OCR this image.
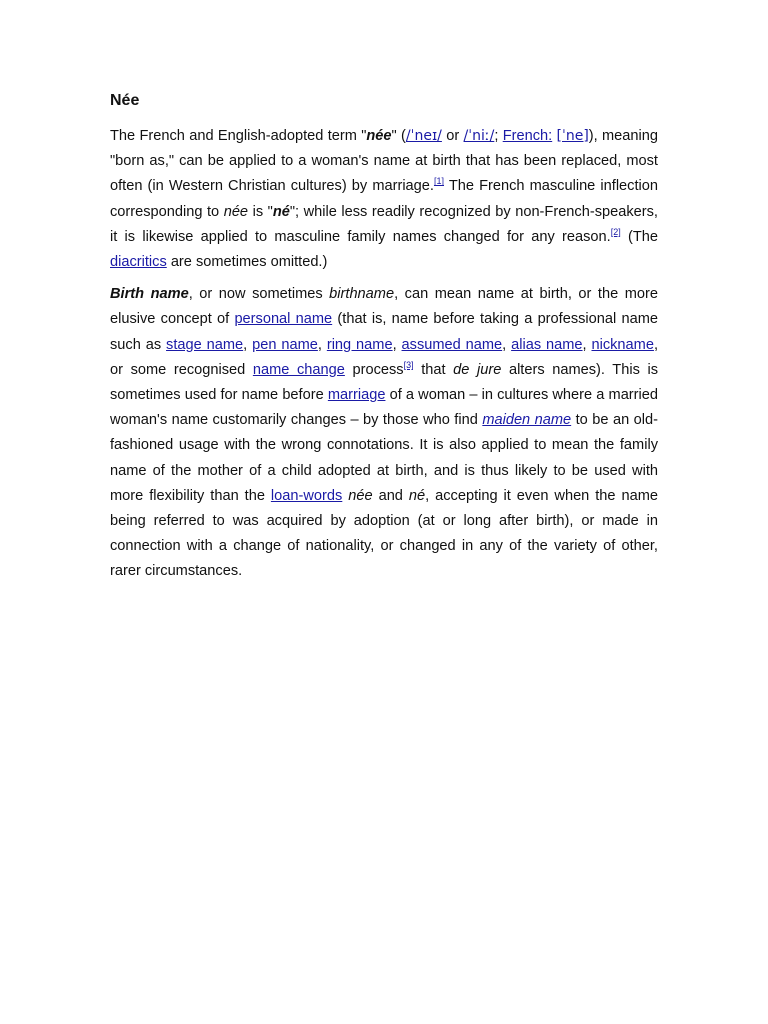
Née

The French and English-adopted term "née" (/ˈneɪ/ or /ˈniː/; French: [ˈne]), meaning "born as," can be applied to a woman's name at birth that has been replaced, most often (in Western Christian cultures) by marriage.[1] The French masculine inflection corresponding to née is "né"; while less readily recognized by non-French-speakers, it is likewise applied to masculine family names changed for any reason.[2] (The diacritics are sometimes omitted.)

Birth name, or now sometimes birthname, can mean name at birth, or the more elusive concept of personal name (that is, name before taking a professional name such as stage name, pen name, ring name, assumed name, alias name, nickname, or some recognised name change process[3] that de jure alters names). This is sometimes used for name before marriage of a woman – in cultures where a married woman's name customarily changes – by those who find maiden name to be an old-fashioned usage with the wrong connotations. It is also applied to mean the family name of the mother of a child adopted at birth, and is thus likely to be used with more flexibility than the loan-words née and né, accepting it even when the name being referred to was acquired by adoption (at or long after birth), or made in connection with a change of nationality, or changed in any of the variety of other, rarer circumstances.
